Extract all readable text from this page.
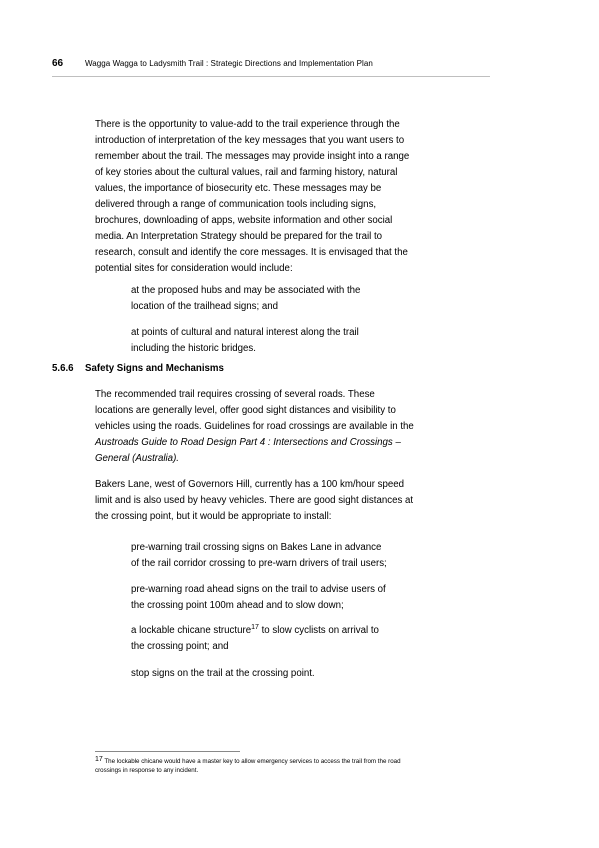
66	Wagga Wagga to Ladysmith Trail : Strategic Directions and Implementation Plan

There is the opportunity to value-add to the trail experience through the
introduction of interpretation of the key messages that you want users to
remember about the trail. The messages may provide insight into a range
of key stories about the cultural values, rail and farming history, natural
values, the importance of biosecurity etc. These messages may be
delivered through a range of communication tools including signs,
brochures, downloading of apps, website information and other social
media. An Interpretation Strategy should be prepared for the trail to
research, consult and identify the core messages. It is envisaged that the
potential sites for consideration would include:

at the proposed hubs and may be associated with the
location of the trailhead signs; and

at points of cultural and natural interest along the trail
including the historic bridges.

5.6.6 Safety Signs and Mechanisms

The recommended trail requires crossing of several roads. These
locations are generally level, offer good sight distances and visibility to
vehicles using the roads. Guidelines for road crossings are available in the
Austroads Guide to Road Design Part 4 : Intersections and Crossings –
General (Australia).

Bakers Lane, west of Governors Hill, currently has a 100 km/hour speed
limit and is also used by heavy vehicles. There are good sight distances at
the crossing point, but it would be appropriate to install:

pre-warning trail crossing signs on Bakes Lane in advance
of the rail corridor crossing to pre-warn drivers of trail users;

pre-warning road ahead signs on the trail to advise users of
the crossing point 100m ahead and to slow down;

a lockable chicane structure$^{17}$ to slow cyclists on arrival to
the crossing point; and

stop signs on the trail at the crossing point.

$^{17}$ The lockable chicane would have a master key to allow emergency services to access the trail from the road
crossings in response to any incident.
